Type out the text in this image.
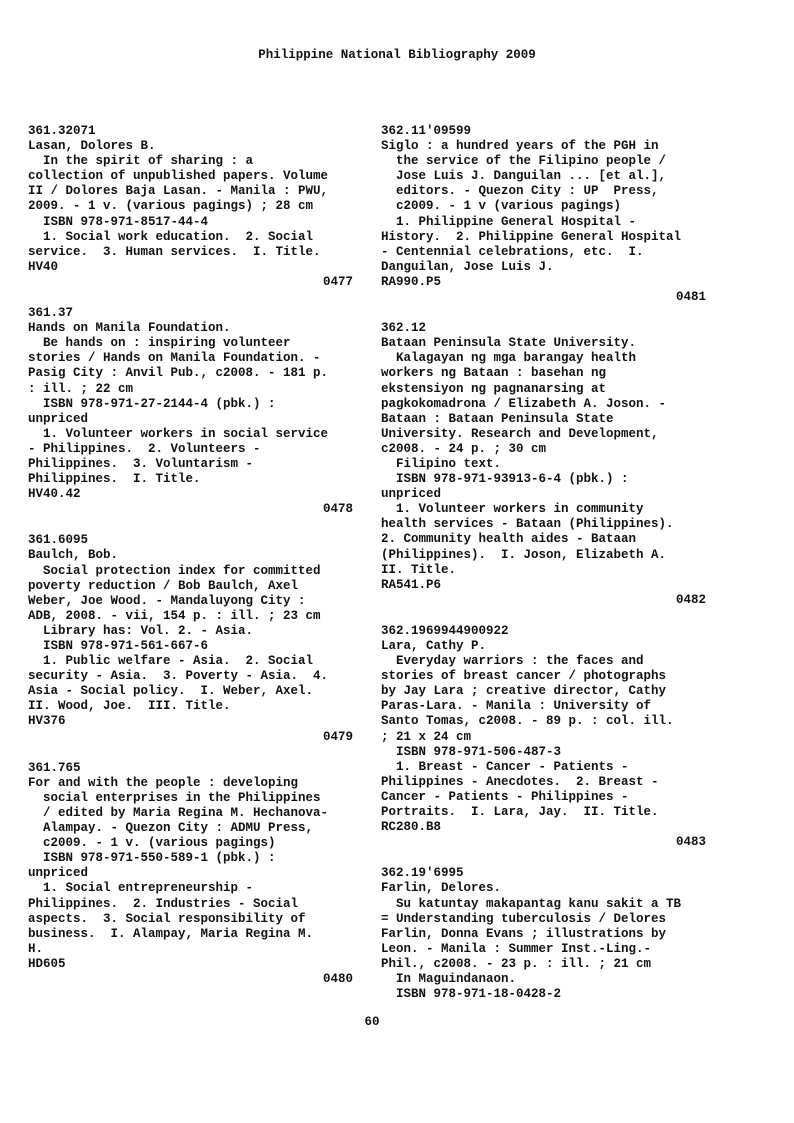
Philippine National Bibliography 2009
361.32071
Lasan, Dolores B.
In the spirit of sharing : a
collection of unpublished papers. Volume
II / Dolores Baja Lasan. - Manila : PWU,
2009. - 1 v. (various pagings) ; 28 cm
ISBN 978-971-8517-44-4
1. Social work education.  2. Social
service.  3. Human services.  I. Title.
HV40
0477
361.37
Hands on Manila Foundation.
Be hands on : inspiring volunteer
stories / Hands on Manila Foundation. -
Pasig City : Anvil Pub., c2008. - 181 p.
: ill. ; 22 cm
ISBN 978-971-27-2144-4 (pbk.) :
unpriced
1. Volunteer workers in social service
- Philippines.  2. Volunteers -
Philippines.  3. Voluntarism -
Philippines.  I. Title.
HV40.42
0478
361.6095
Baulch, Bob.
Social protection index for committed
poverty reduction / Bob Baulch, Axel
Weber, Joe Wood. - Mandaluyong City :
ADB, 2008. - vii, 154 p. : ill. ; 23 cm
Library has: Vol. 2. - Asia.
ISBN 978-971-561-667-6
1. Public welfare - Asia.  2. Social
security - Asia.  3. Poverty - Asia.  4.
Asia - Social policy.  I. Weber, Axel.
II. Wood, Joe.  III. Title.
HV376
0479
361.765
For and with the people : developing
social enterprises in the Philippines
/ edited by Maria Regina M. Hechanova-
Alampay. - Quezon City : ADMU Press,
c2009. - 1 v. (various pagings)
ISBN 978-971-550-589-1 (pbk.) :
unpriced
1. Social entrepreneurship -
Philippines.  2. Industries - Social
aspects.  3. Social responsibility of
business.  I. Alampay, Maria Regina M.
H.
HD605
0480
362.11'09599
Siglo : a hundred years of the PGH in
the service of the Filipino people /
Jose Luis J. Danguilan ... [et al.],
editors. - Quezon City : UP  Press,
c2009. - 1 v (various pagings)
1. Philippine General Hospital -
History.  2. Philippine General Hospital
- Centennial celebrations, etc.  I.
Danguilan, Jose Luis J.
RA990.P5
0481
362.12
Bataan Peninsula State University.
Kalagayan ng mga barangay health
workers ng Bataan : basehan ng
ekstensiyon ng pagnanarsing at
pagkokomadrona / Elizabeth A. Joson. -
Bataan : Bataan Peninsula State
University. Research and Development,
c2008. - 24 p. ; 30 cm
Filipino text.
ISBN 978-971-93913-6-4 (pbk.) :
unpriced
1. Volunteer workers in community
health services - Bataan (Philippines).
2. Community health aides - Bataan
(Philippines).  I. Joson, Elizabeth A.
II. Title.
RA541.P6
0482
362.1969944900922
Lara, Cathy P.
Everyday warriors : the faces and
stories of breast cancer / photographs
by Jay Lara ; creative director, Cathy
Paras-Lara. - Manila : University of
Santo Tomas, c2008. - 89 p. : col. ill.
; 21 x 24 cm
ISBN 978-971-506-487-3
1. Breast - Cancer - Patients -
Philippines - Anecdotes.  2. Breast -
Cancer - Patients - Philippines -
Portraits.  I. Lara, Jay.  II. Title.
RC280.B8
0483
362.19'6995
Farlin, Delores.
Su katuntay makapantag kanu sakit a TB
= Understanding tuberculosis / Delores
Farlin, Donna Evans ; illustrations by
Leon. - Manila : Summer Inst.-Ling.-
Phil., c2008. - 23 p. : ill. ; 21 cm
In Maguindanaon.
ISBN 978-971-18-0428-2
60
